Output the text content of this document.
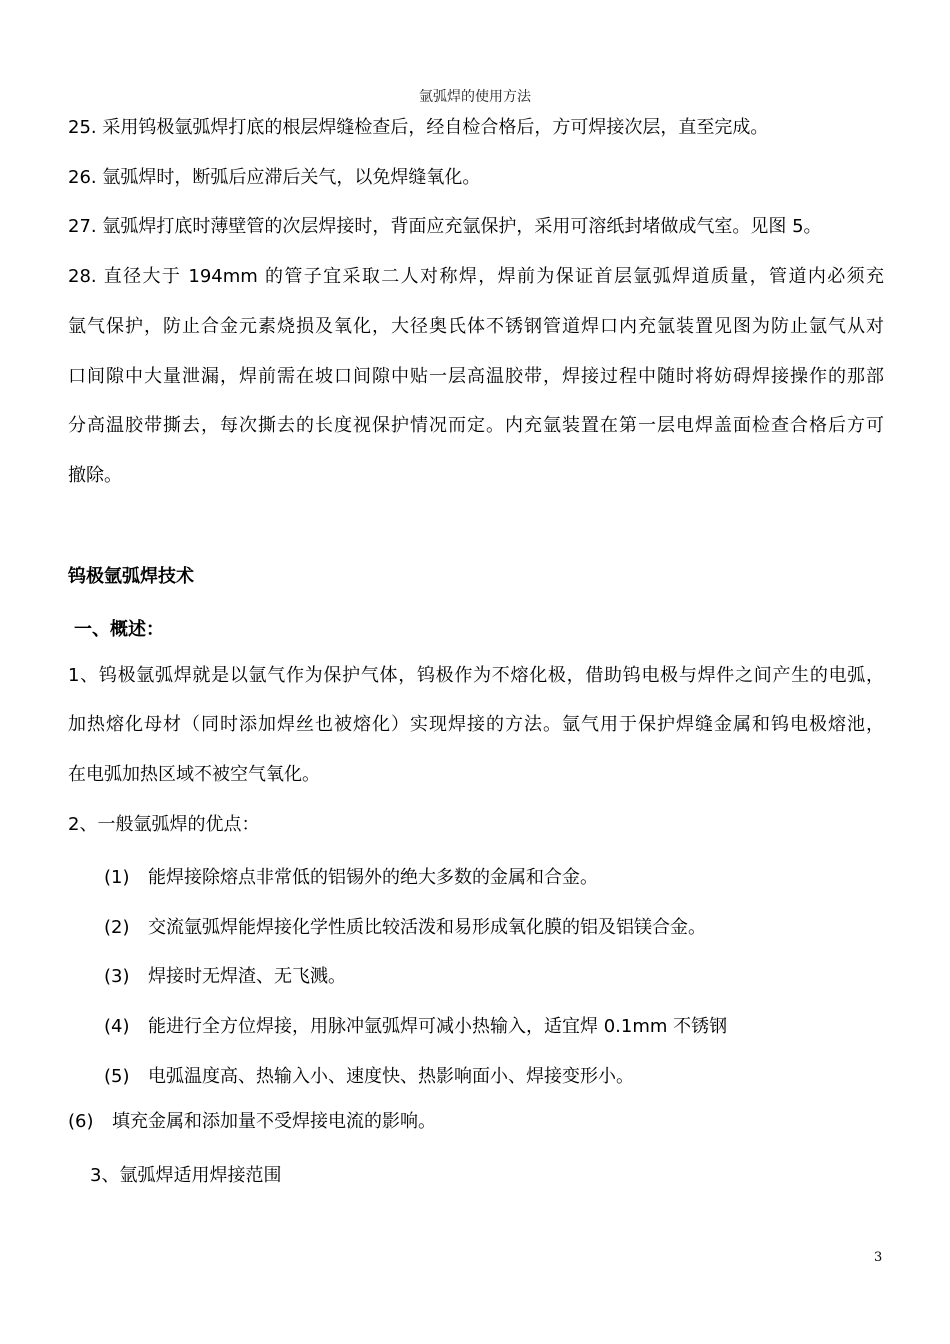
氩弧焊的使用方法
25. 采用钨极氩弧焊打底的根层焊缝检查后，经自检合格后，方可焊接次层，直至完成。
26. 氩弧焊时，断弧后应滞后关气，以免焊缝氧化。
27. 氩弧焊打底时薄壁管的次层焊接时，背面应充氩保护，采用可溶纸封堵做成气室。见图 5。
28. 直径大于 194mm 的管子宜采取二人对称焊，焊前为保证首层氩弧焊道质量，管道内必须充
氩气保护，防止合金元素烧损及氧化，大径奥氏体不锈钢管道焊口内充氩装置见图为防止氩气从对
口间隙中大量泄漏，焊前需在坡口间隙中贴一层高温胶带，焊接过程中随时将妨碍焊接操作的那部
分高温胶带撕去，每次撕去的长度视保护情况而定。内充氩装置在第一层电焊盖面检查合格后方可
撤除。
钨极氩弧焊技术
一、概述：
1、钨极氩弧焊就是以氩气作为保护气体，钨极作为不熔化极，借助钨电极与焊件之间产生的电弧，
加热熔化母材（同时添加焊丝也被熔化）实现焊接的方法。氩气用于保护焊缝金属和钨电极熔池，
在电弧加热区域不被空气氧化。
2、一般氩弧焊的优点：
(1) 能焊接除熔点非常低的铝锡外的绝大多数的金属和合金。
(2) 交流氩弧焊能焊接化学性质比较活泼和易形成氧化膜的铝及铝镁合金。
(3) 焊接时无焊渣、无飞溅。
(4) 能进行全方位焊接，用脉冲氩弧焊可减小热输入，适宜焊 0.1mm 不锈钢
(5) 电弧温度高、热输入小、速度快、热影响面小、焊接变形小。
(6) 填充金属和添加量不受焊接电流的影响。
3、氩弧焊适用焊接范围
3
